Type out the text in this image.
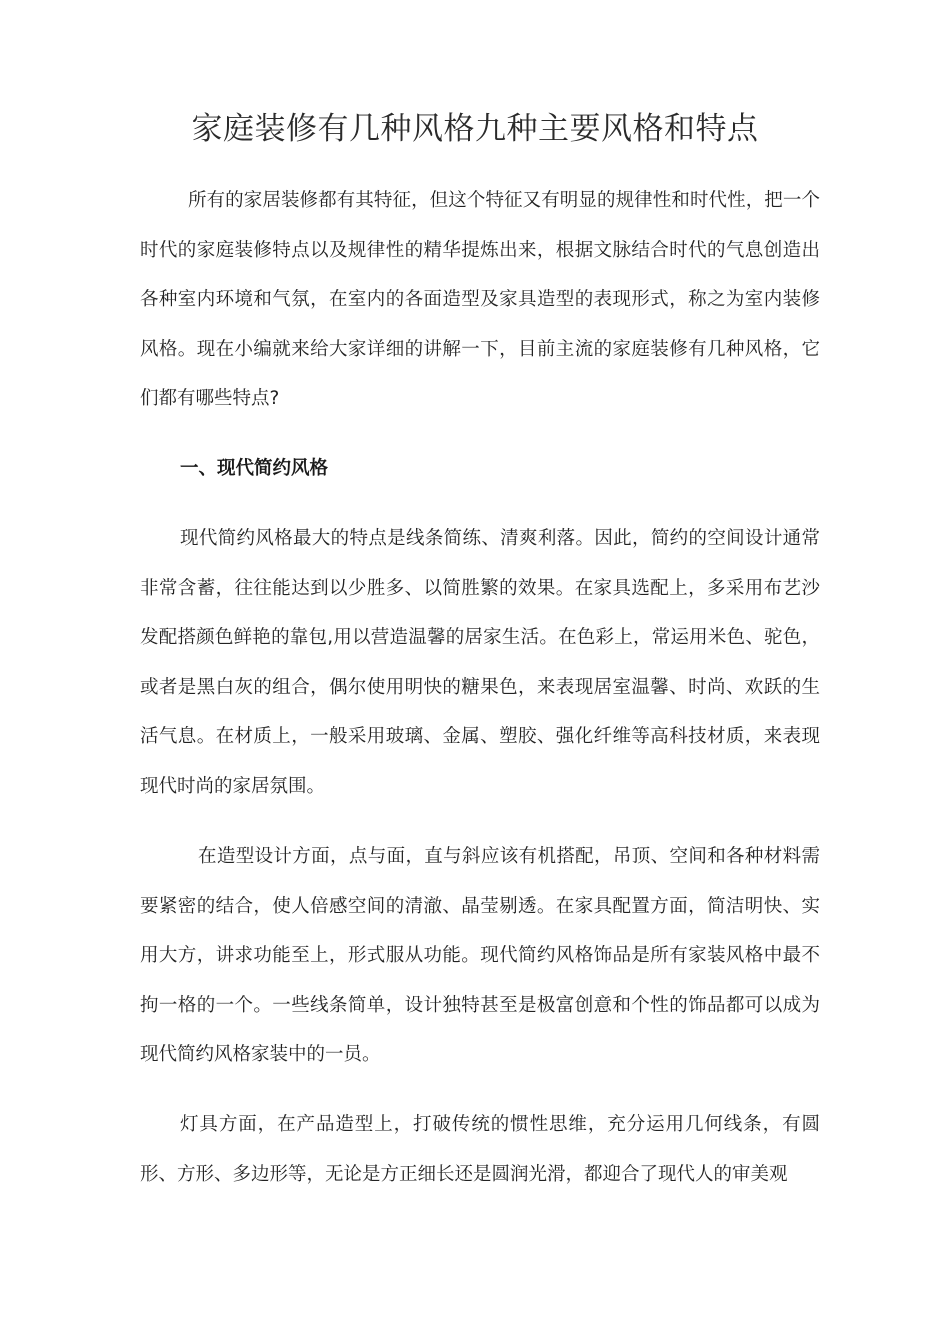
家庭装修有几种风格九种主要风格和特点

所有的家居装修都有其特征，但这个特征又有明显的规律性和时代性，把一个时代的家庭装修特点以及规律性的精华提炼出来，根据文脉结合时代的气息创造出各种室内环境和气氛，在室内的各面造型及家具造型的表现形式，称之为室内装修风格。现在小编就来给大家详细的讲解一下，目前主流的家庭装修有几种风格，它们都有哪些特点?

一、现代简约风格

现代简约风格最大的特点是线条简练、清爽利落。因此，简约的空间设计通常非常含蓄，往往能达到以少胜多、以简胜繁的效果。在家具选配上，多采用布艺沙发配搭颜色鲜艳的靠包,用以营造温馨的居家生活。在色彩上，常运用米色、驼色，或者是黑白灰的组合，偶尔使用明快的糖果色，来表现居室温馨、时尚、欢跃的生活气息。在材质上，一般采用玻璃、金属、塑胶、强化纤维等高科技材质，来表现现代时尚的家居氛围。

在造型设计方面，点与面，直与斜应该有机搭配，吊顶、空间和各种材料需要紧密的结合，使人倍感空间的清澈、晶莹剔透。在家具配置方面，简洁明快、实用大方，讲求功能至上，形式服从功能。现代简约风格饰品是所有家装风格中最不拘一格的一个。一些线条简单，设计独特甚至是极富创意和个性的饰品都可以成为现代简约风格家装中的一员。

灯具方面，在产品造型上，打破传统的惯性思维，充分运用几何线条，有圆形、方形、多边形等，无论是方正细长还是圆润光滑，都迎合了现代人的审美观
